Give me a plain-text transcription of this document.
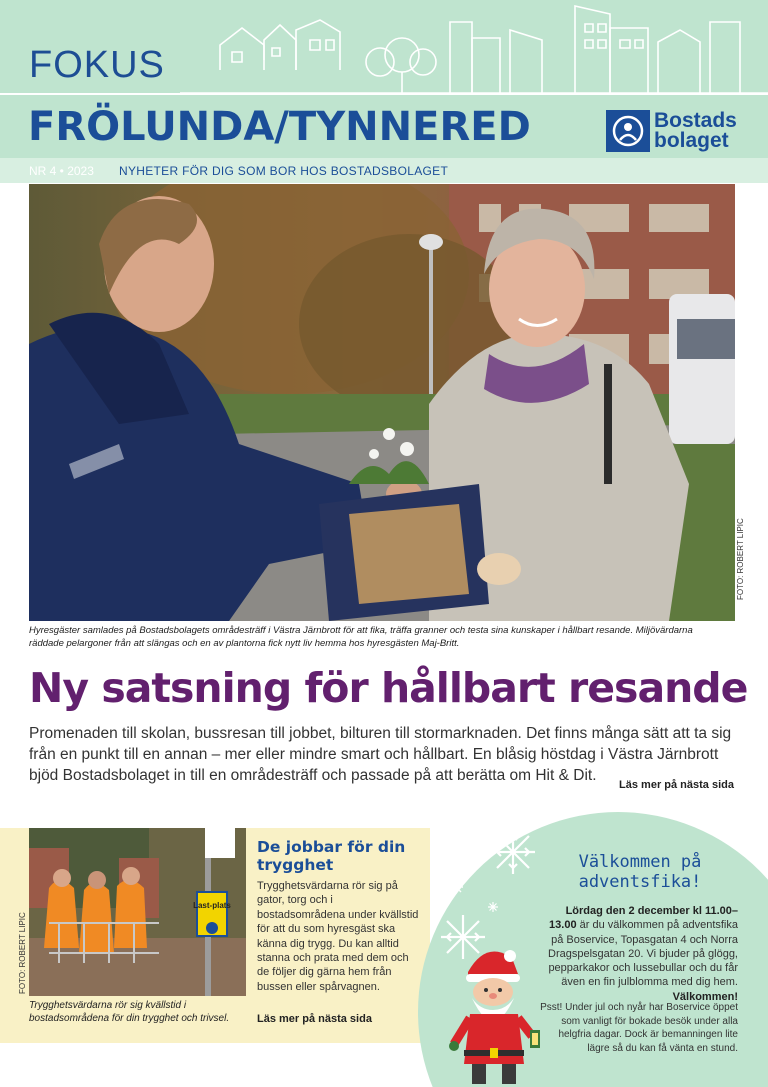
FOKUS
FRÖLUNDA/TYNNERED	Bostads
bolaget
NR 4 • 2023 NYHETER FÖR DIG SOM BOR HOS BOSTADSBOLAGET
FOTO: ROBERT LIPIC
Hyresgäster samlades på Bostadsbolagets områdesträff i Västra Järnbrott för att fika, träffa granner och testa sina kunskaper i hållbart resande. Miljövärdarna räddade pelargoner från att slängas och en av plantorna fick nytt liv hemma hos hyresgästen Maj-Britt.
Ny satsning för hållbart resande
Promenaden till skolan, bussresan till jobbet, bilturen till stormarknaden. Det finns många sätt att ta sig från en punkt till en annan – mer eller mindre smart och hållbart. En blåsig höstdag i Västra Järnbrott bjöd Bostadsbolaget in till en områdesträff och passade på att berätta om Hit & Dit.
Läs mer på nästa sida
Last-plats
FOTO: ROBERT LIPIC
Trygghetsvärdarna rör sig kvällstid i bostadsområdena för din trygghet och trivsel.
De jobbar för din trygghet
Trygghetsvärdarna rör sig på gator, torg och i bostadsområdena under kvällstid för att du som hyresgäst ska känna dig trygg. Du kan alltid stanna och prata med dem och de följer dig gärna hem från bussen eller spårvagnen.
Läs mer på nästa sida
Välkommen på adventsfika!
Lördag den 2 december kl 11.00–13.00 är du välkommen på adventsfika på Boservice, Topasgatan 4 och Norra Dragspelsgatan 20. Vi bjuder på glögg, pepparkakor och lussebullar och du får även en fin julblomma med dig hem. Välkommen!
Psst! Under jul och nyår har Boservice öppet som vanligt för bokade besök under alla helgfria dagar. Dock är bemanningen lite lägre så du kan få vänta en stund.
